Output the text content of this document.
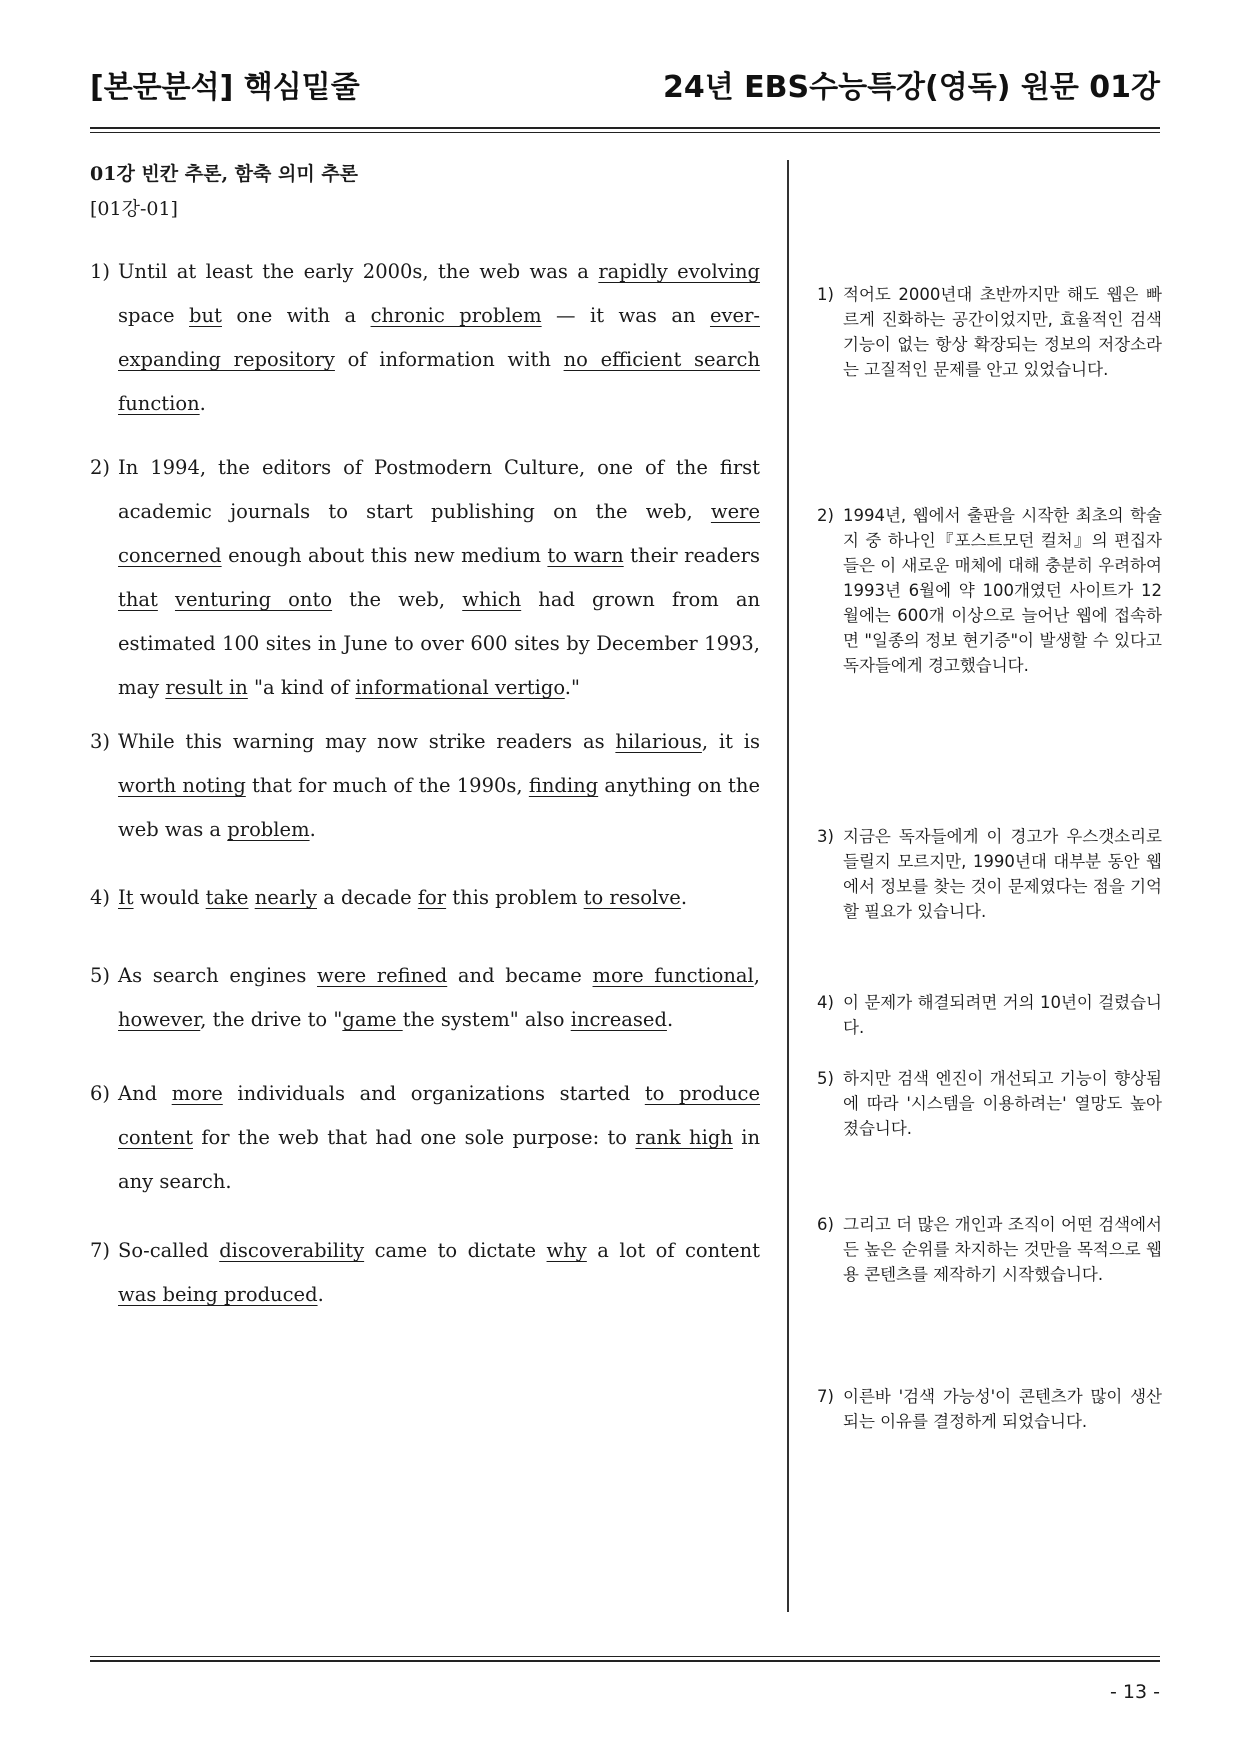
[본문분석] 핵심밑줄	24년 EBS수능특강(영독) 원문 01강
01강 빈칸 추론, 함축 의미 추론
[01강-01]

1) Until at least the early 2000s, the web was a rapidly evolving space but one with a chronic problem — it was an ever-expanding repository of information with no efficient search function.

2) In 1994, the editors of Postmodern Culture, one of the first academic journals to start publishing on the web, were concerned enough about this new medium to warn their readers that venturing onto the web, which had grown from an estimated 100 sites in June to over 600 sites by December 1993, may result in "a kind of informational vertigo."

3) While this warning may now strike readers as hilarious, it is worth noting that for much of the 1990s, finding anything on the web was a problem.

4) It would take nearly a decade for this problem to resolve.

5) As search engines were refined and became more functional, however, the drive to "game the system" also increased.

6) And more individuals and organizations started to produce content for the web that had one sole purpose: to rank high in any search.

7) So-called discoverability came to dictate why a lot of content was being produced.

1) 적어도 2000년대 초반까지만 해도 웹은 빠르게 진화하는 공간이었지만, 효율적인 검색 기능이 없는 항상 확장되는 정보의 저장소라는 고질적인 문제를 안고 있었습니다.

2) 1994년, 웹에서 출판을 시작한 최초의 학술지 중 하나인『포스트모던 컬처』의 편집자들은 이 새로운 매체에 대해 충분히 우려하여 1993년 6월에 약 100개였던 사이트가 12월에는 600개 이상으로 늘어난 웹에 접속하면 "일종의 정보 현기증"이 발생할 수 있다고 독자들에게 경고했습니다.

3) 지금은 독자들에게 이 경고가 우스갯소리로 들릴지 모르지만, 1990년대 대부분 동안 웹에서 정보를 찾는 것이 문제였다는 점을 기억할 필요가 있습니다.

4) 이 문제가 해결되려면 거의 10년이 걸렸습니다.

5) 하지만 검색 엔진이 개선되고 기능이 향상됨에 따라 '시스템을 이용하려는' 열망도 높아졌습니다.

6) 그리고 더 많은 개인과 조직이 어떤 검색에서든 높은 순위를 차지하는 것만을 목적으로 웹용 콘텐츠를 제작하기 시작했습니다.

7) 이른바 '검색 가능성'이 콘텐츠가 많이 생산되는 이유를 결정하게 되었습니다.

- 13 -
